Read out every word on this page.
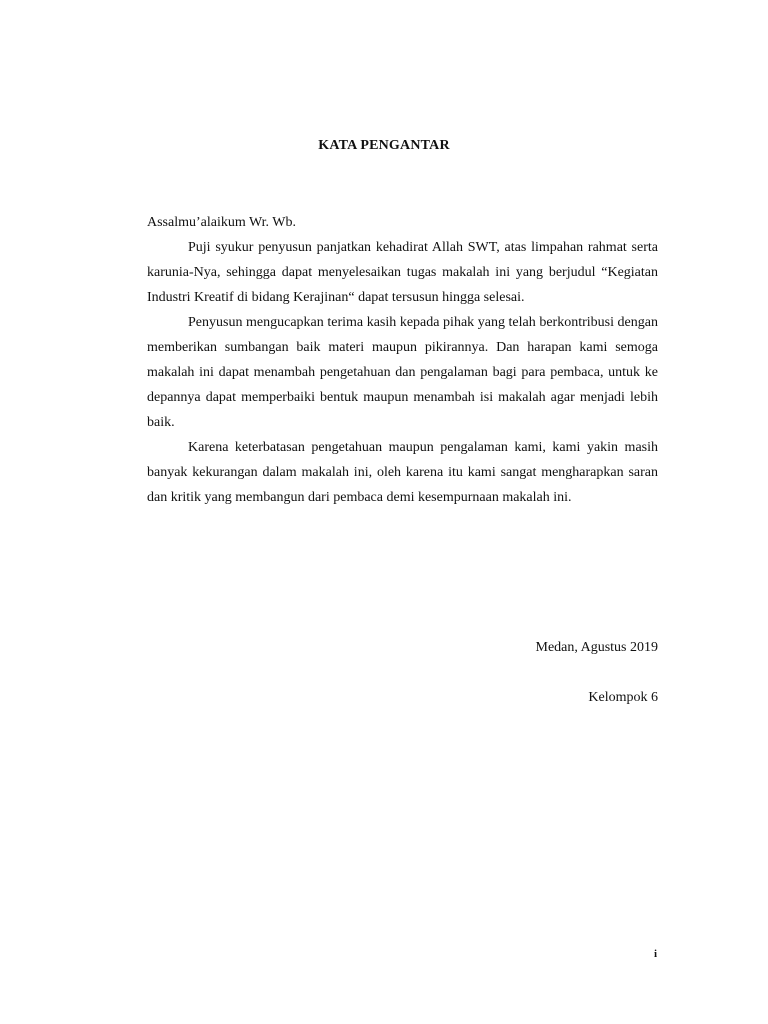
KATA PENGANTAR

Assalmu’alaikum Wr. Wb.

Puji syukur penyusun panjatkan kehadirat Allah SWT, atas limpahan rahmat serta karunia-Nya, sehingga dapat menyelesaikan tugas makalah ini yang berjudul “Kegiatan Industri Kreatif di bidang Kerajinan“ dapat tersusun hingga selesai.

Penyusun mengucapkan terima kasih kepada pihak yang telah berkontribusi dengan memberikan sumbangan baik materi maupun pikirannya. Dan harapan kami semoga makalah ini dapat menambah pengetahuan dan pengalaman bagi para pembaca, untuk ke depannya dapat memperbaiki bentuk maupun menambah isi makalah agar menjadi lebih baik.

Karena keterbatasan pengetahuan maupun pengalaman kami, kami yakin masih banyak kekurangan dalam makalah ini, oleh karena itu kami sangat mengharapkan saran dan kritik yang membangun dari pembaca demi kesempurnaan makalah ini.

Medan, Agustus 2019
Kelompok 6
i
